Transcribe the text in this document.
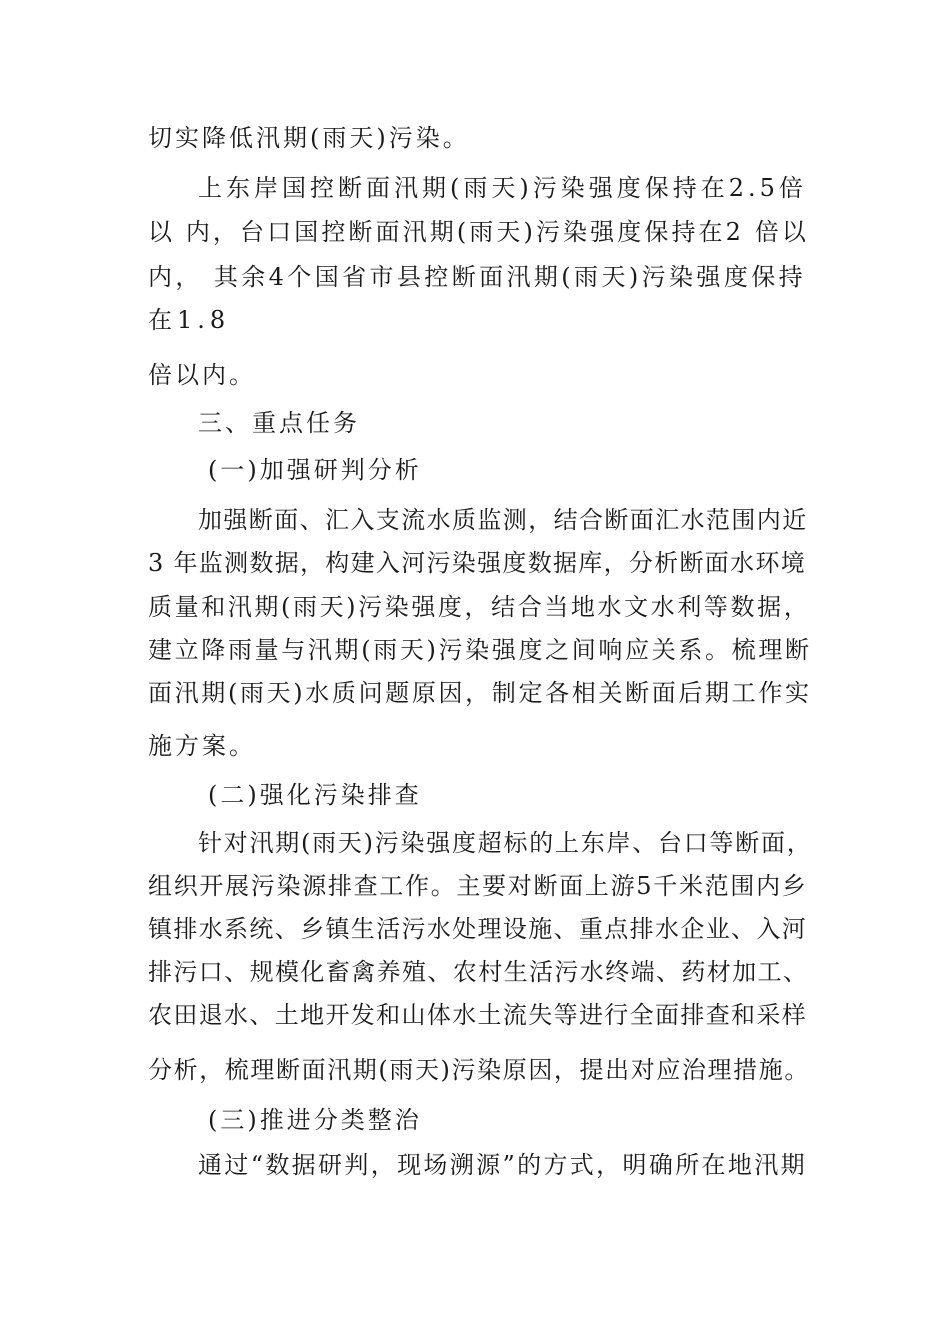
切实降低汛期(雨天)污染。
上东岸国控断面汛期(雨天)污染强度保持在2.5倍
以 内，台口国控断面汛期(雨天)污染强度保持在2 倍以
内， 其余4个国省市县控断面汛期(雨天)污染强度保持
在1.8
倍以内。
三、重点任务
(一)加强研判分析
加强断面、汇入支流水质监测，结合断面汇水范围内近
3 年监测数据，构建入河污染强度数据库，分析断面水环境
质量和汛期(雨天)污染强度，结合当地水文水利等数据，
建立降雨量与汛期(雨天)污染强度之间响应关系。梳理断
面汛期(雨天)水质问题原因，制定各相关断面后期工作实
施方案。
(二)强化污染排查
针对汛期(雨天)污染强度超标的上东岸、台口等断面，
组织开展污染源排查工作。主要对断面上游5千米范围内乡
镇排水系统、乡镇生活污水处理设施、重点排水企业、入河
排污口、规模化畜禽养殖、农村生活污水终端、药材加工、
农田退水、土地开发和山体水土流失等进行全面排查和采样
分析，梳理断面汛期(雨天)污染原因，提出对应治理措施。
(三)推进分类整治
通过“数据研判，现场溯源”的方式，明确所在地汛期
